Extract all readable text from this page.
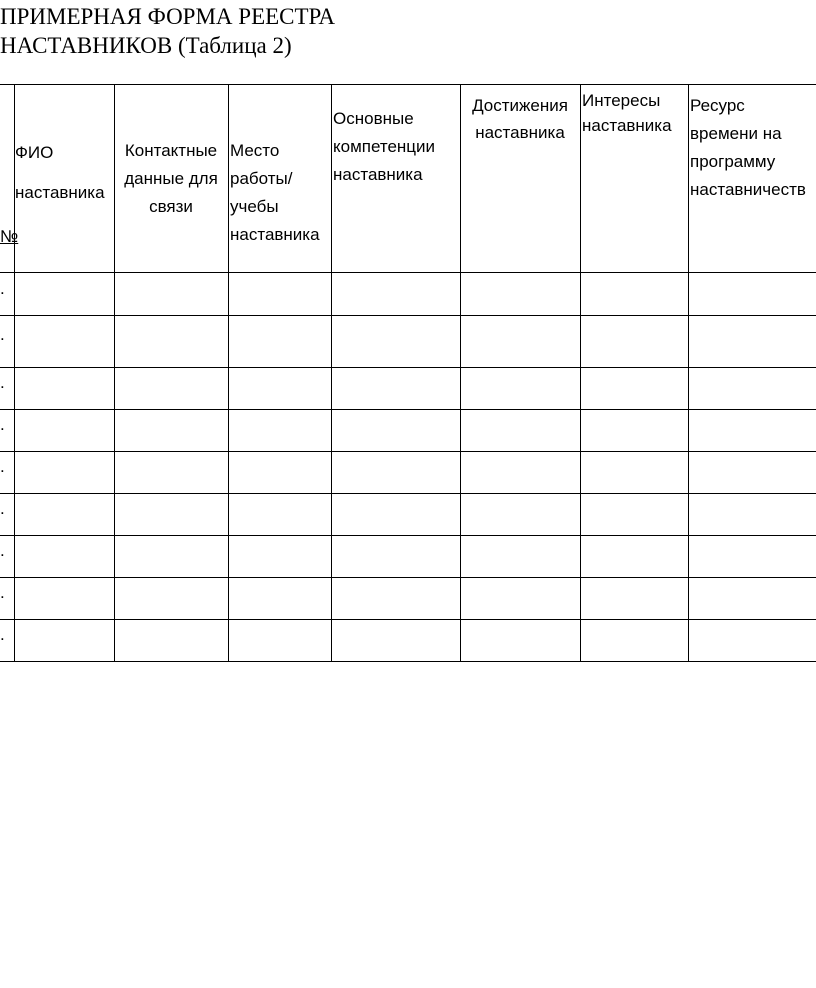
ПРИМЕРНАЯ ФОРМА РЕЕСТРА
НАСТАВНИКОВ (Таблица 2)
№
ФИО
наставника
Контактные
данные для
связи
Место
работы/
учебы
наставника
Основные
компетенции
наставника
Достижения
наставника
Интересы
наставника
Ресурс
времени на
программу
наставничеств
.
.
.
.
.
.
.
.
.
